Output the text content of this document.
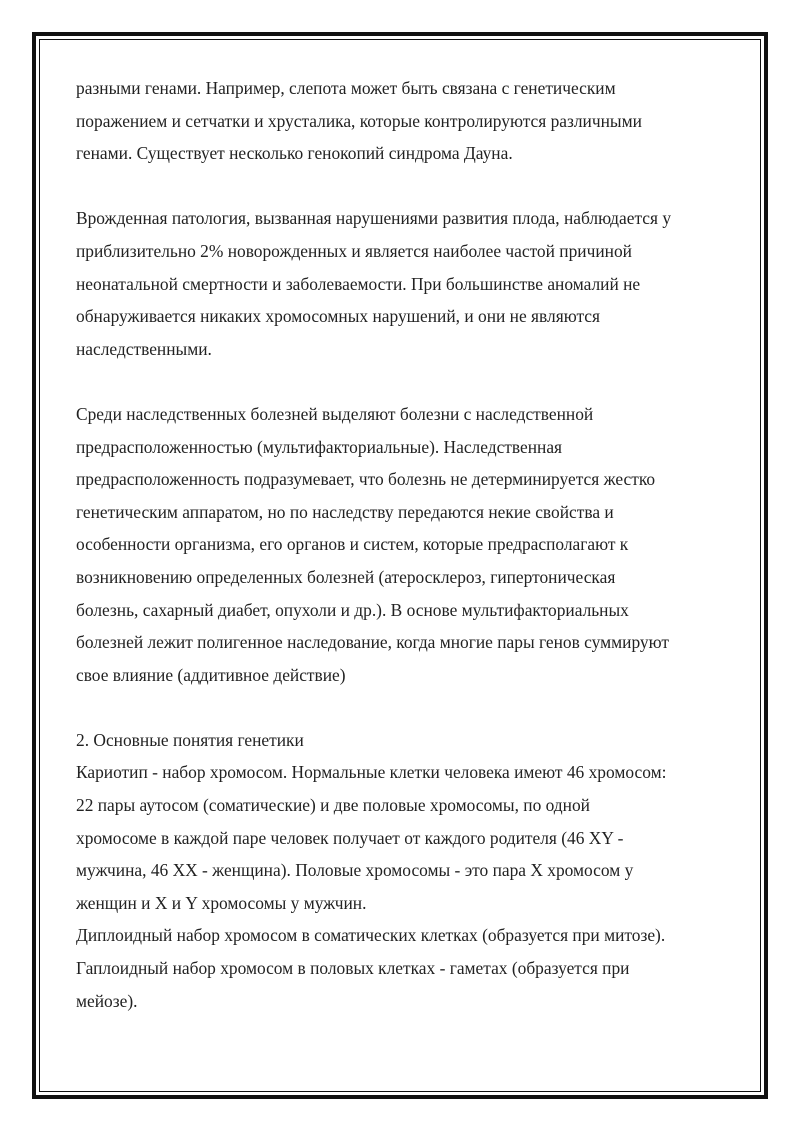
разными генами. Например, слепота может быть связана с генетическим

поражением и сетчатки и хрусталика, которые контролируются различными

генами. Существует несколько генокопий синдрома Дауна.

Врожденная патология, вызванная нарушениями развития плода, наблюдается у

приблизительно 2% новорожденных и является наиболее частой причиной

неонатальной смертности и заболеваемости. При большинстве аномалий не

обнаруживается никаких хромосомных нарушений, и они не являются

наследственными.

Среди наследственных болезней выделяют болезни с наследственной

предрасположенностью (мультифакториальные). Наследственная

предрасположенность подразумевает, что болезнь не детерминируется жестко

генетическим аппаратом, но по наследству передаются некие свойства и

особенности организма, его органов и систем, которые предрасполагают к

возникновению определенных болезней (атеросклероз, гипертоническая

болезнь, сахарный диабет, опухоли и др.). В основе мультифакториальных

болезней лежит полигенное наследование, когда многие пары генов суммируют

свое влияние (аддитивное действие)

2. Основные понятия генетики

Кариотип - набор хромосом. Нормальные клетки человека имеют 46 хромосом:

22 пары аутосом (соматические) и две половые хромосомы, по одной

хромосоме в каждой паре человек получает от каждого родителя (46 XY -

мужчина, 46 XX - женщина). Половые хромосомы - это пара X хромосом у

женщин и X и Y хромосомы у мужчин.

Диплоидный набор хромосом в соматических клетках (образуется при митозе).

Гаплоидный набор хромосом в половых клетках - гаметах (образуется при

мейозе).
